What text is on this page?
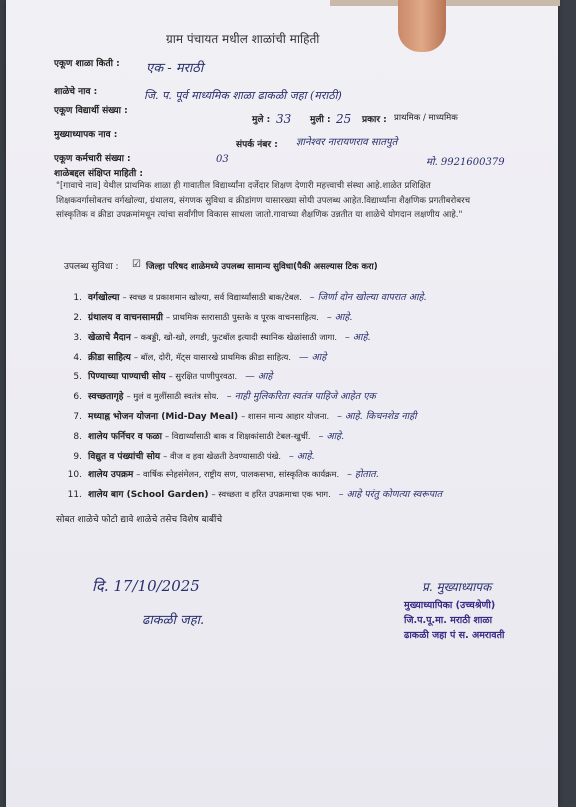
ग्राम पंचायत मधील शाळांची माहिती
एकूण शाळा किती : एक - मराठी
शाळेचे नाव :	जि. प. पूर्व माध्यमिक शाळा ढाकळी जहा (मराठी)
एकूण विद्यार्थी संख्या :
मुले : 33 मुली : 25 प्रकार : प्राथमिक / माध्यमिक
मुख्याध्यापक नाव :
संपर्क नंबर : ज्ञानेश्वर नारायणराव सातपुते
एकूण कर्मचारी संख्या :	03	मो. 9921600379
शाळेबद्दल संक्षिप्त माहिती :
"[गावाचे नाव] येथील प्राथमिक शाळा ही गावातील विद्यार्थ्यांना दर्जेदार शिक्षण देणारी महत्त्वाची संस्था आहे.शाळेत प्रशिक्षित शिक्षकवर्गासोबतच वर्गखोल्या, ग्रंथालय, संगणक सुविधा व क्रीडांगण यासारख्या सोयी उपलब्ध आहेत.विद्यार्थ्यांना शैक्षणिक प्रगतीबरोबरच सांस्कृतिक व क्रीडा उपक्रमांमधून त्यांचा सर्वांगीण विकास साधला जातो.गावाच्या शैक्षणिक उन्नतीत या शाळेचे योगदान लक्षणीय आहे."
उपलब्ध सुविधा : ☑ जिल्हा परिषद शाळेमध्ये उपलब्ध सामान्य सुविधा(पैकी असल्यास टिक करा)
1. वर्गखोल्या – स्वच्छ व प्रकाशमान खोल्या, सर्व विद्यार्थ्यांसाठी बाक/टेबल. – जिर्णा दोन खोल्या वापरात आहे.
2. ग्रंथालय व वाचनसामग्री – प्राथमिक स्तरासाठी पुस्तके व पूरक वाचनसाहित्य. – आहे.
3. खेळाचे मैदान – कबड्डी, खो-खो, लगडी, फुटबॉल इत्यादी स्थानिक खेळांसाठी जागा. – आहे.
4. क्रीडा साहित्य – बॉल, दोरी, मॅट्स यासारखे प्राथमिक क्रीडा साहित्य. — आहे
5. पिण्याच्या पाण्याची सोय – सुरक्षित पाणीपुरवठा. — आहे
6. स्वच्छतागृहे – मुलं व मुलींसाठी स्वतंत्र सोय. – नाही मुलिकरिता स्वतंत्र पाहिजे आहेत एक
7. मध्याह्न भोजन योजना (Mid-Day Meal) – शासन मान्य आहार योजना. – आहे. किचनशेड नाही
8. शालेय फर्निचर व फळा – विद्यार्थ्यांसाठी बाक व शिक्षकांसाठी टेबल-खुर्ची. – आहे.
9. विद्युत व पंख्यांची सोय – वीज व हवा खेळती ठेवण्यासाठी पंखे. – आहे.
10. शालेय उपक्रम – वार्षिक स्नेहसंमेलन, राष्ट्रीय सण, पालकसभा, सांस्कृतिक कार्यक्रम. – होतात.
11. शालेय बाग (School Garden) – स्वच्छता व हरित उपक्रमाचा एक भाग. – आहे परंतु कोणत्या स्वरूपात
सोबत शाळेचे फोटो द्यावे शाळेचे तसेच विशेष बाबींचे
दि. 17/10/2025
ढाकळी जहा.
प्र. मुख्याध्यापक
मुख्याध्यापिका (उच्चश्रेणी)
जि.प.पू.मा. मराठी शाळा
ढाकळी जहा पं स. अमरावती
